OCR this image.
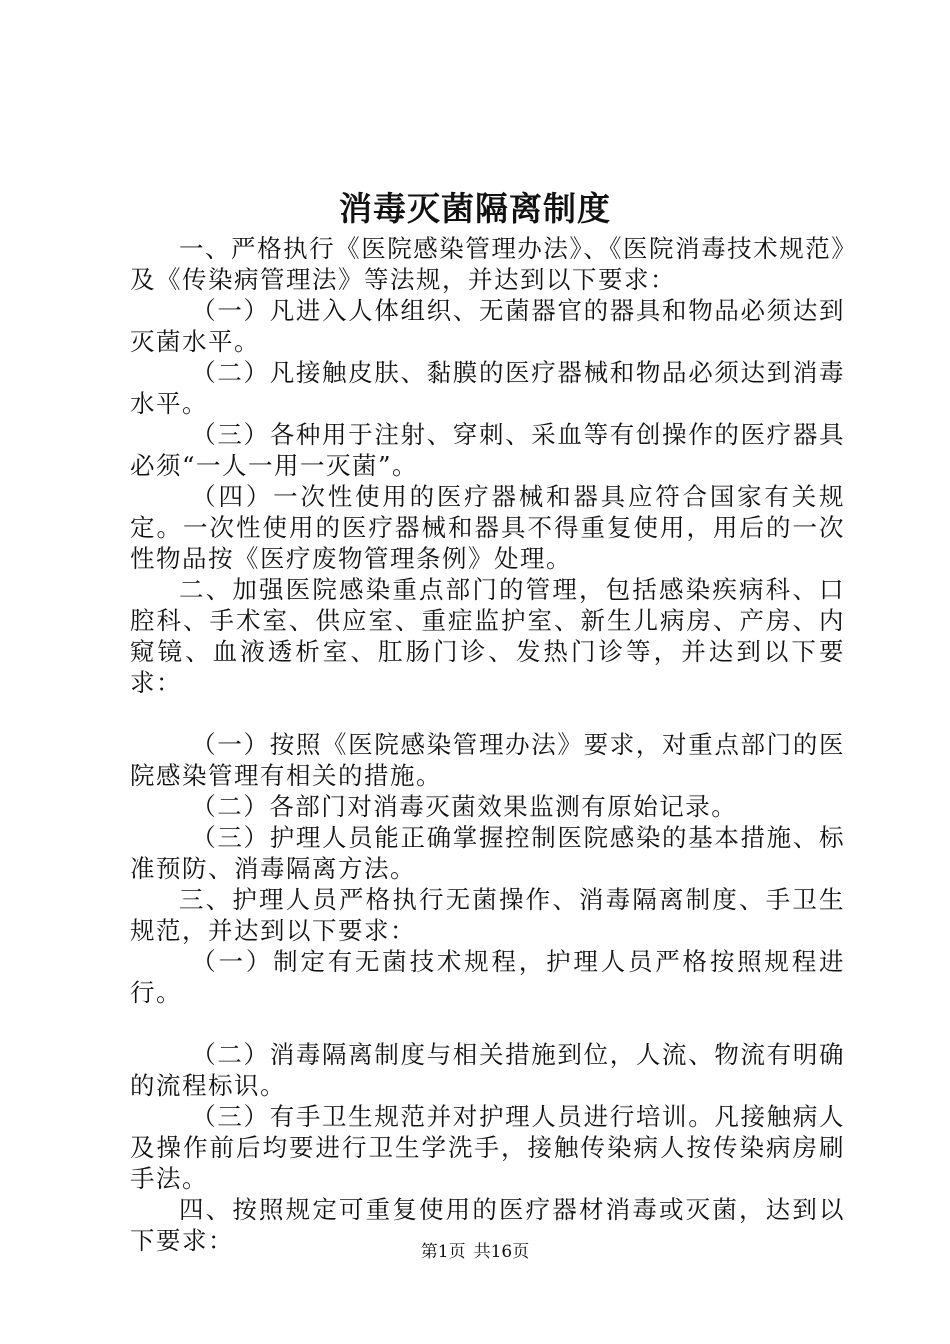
消毒灭菌隔离制度

一、严格执行《医院感染管理办法》、《医院消毒技术规范》及《传染病管理法》等法规，并达到以下要求：

（一）凡进入人体组织、无菌器官的器具和物品必须达到灭菌水平。

（二）凡接触皮肤、黏膜的医疗器械和物品必须达到消毒水平。

（三）各种用于注射、穿刺、采血等有创操作的医疗器具必须“一人一用一灭菌”。

（四）一次性使用的医疗器械和器具应符合国家有关规定。一次性使用的医疗器械和器具不得重复使用，用后的一次性物品按《医疗废物管理条例》处理。

二、加强医院感染重点部门的管理，包括感染疾病科、口腔科、手术室、供应室、重症监护室、新生儿病房、产房、内窥镜、血液透析室、肛肠门诊、发热门诊等，并达到以下要求：

（一）按照《医院感染管理办法》要求，对重点部门的医院感染管理有相关的措施。

（二）各部门对消毒灭菌效果监测有原始记录。

（三）护理人员能正确掌握控制医院感染的基本措施、标准预防、消毒隔离方法。

三、护理人员严格执行无菌操作、消毒隔离制度、手卫生规范，并达到以下要求：

（一）制定有无菌技术规程，护理人员严格按照规程进行。

（二）消毒隔离制度与相关措施到位，人流、物流有明确的流程标识。

（三）有手卫生规范并对护理人员进行培训。凡接触病人及操作前后均要进行卫生学洗手，接触传染病人按传染病房刷手法。

四、按照规定可重复使用的医疗器材消毒或灭菌，达到以下要求：	第1页 共16页
